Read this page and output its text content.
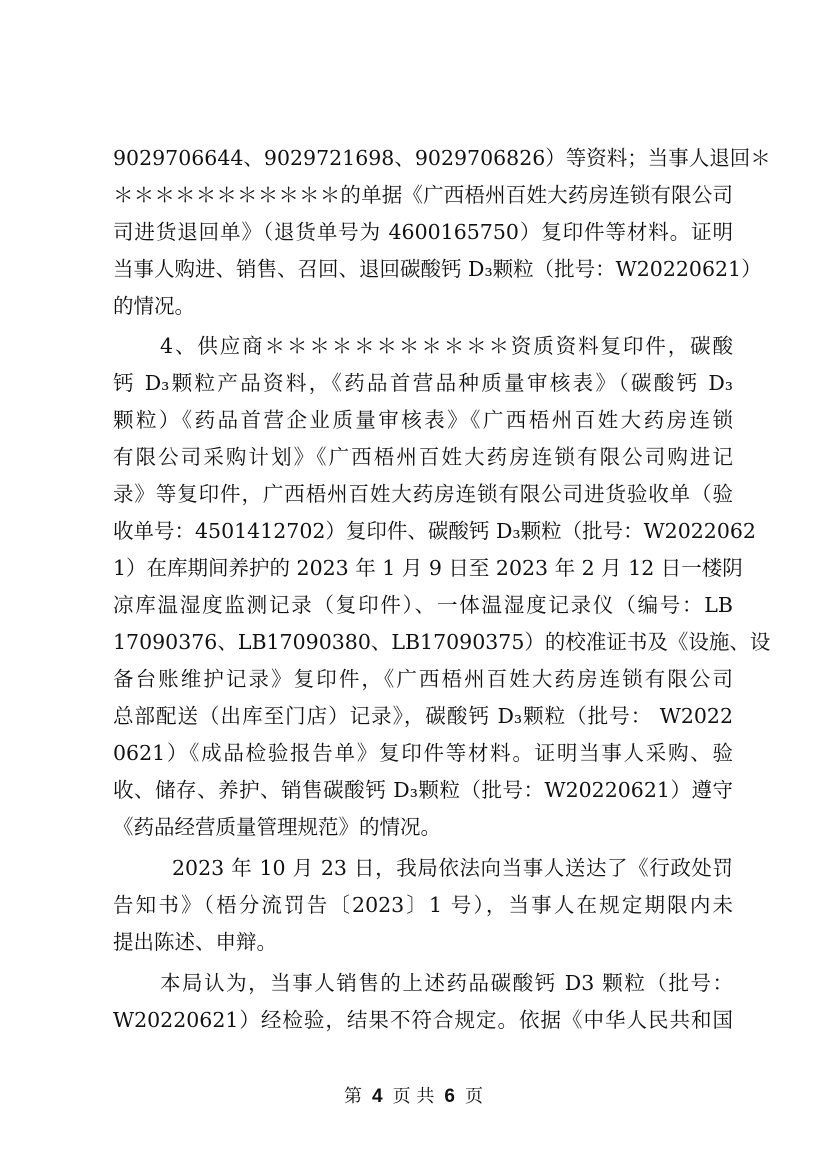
9029706644、9029721698、9029706826）等资料；当事人退回＊
＊＊＊＊＊＊＊＊＊＊＊的单据《广西梧州百姓大药房连锁有限公司
司进货退回单》（退货单号为 4600165750）复印件等材料。证明
当事人购进、销售、召回、退回碳酸钙 D₃颗粒（批号：W20220621）
的情况。
4、供应商＊＊＊＊＊＊＊＊＊＊＊资质资料复印件，碳酸
钙 D₃颗粒产品资料，《药品首营品种质量审核表》（碳酸钙 D₃
颗粒）《药品首营企业质量审核表》《广西梧州百姓大药房连锁
有限公司采购计划》《广西梧州百姓大药房连锁有限公司购进记
录》等复印件，广西梧州百姓大药房连锁有限公司进货验收单（验
收单号：4501412702）复印件、碳酸钙 D₃颗粒（批号：W2022062
1）在库期间养护的 2023 年 1 月 9 日至 2023 年 2 月 12 日一楼阴
凉库温湿度监测记录（复印件）、一体温湿度记录仪（编号：LB
17090376、LB17090380、LB17090375）的校准证书及《设施、设
备台账维护记录》复印件，《广西梧州百姓大药房连锁有限公司
总部配送（出库至门店）记录》，碳酸钙 D₃颗粒（批号： W2022
0621）《成品检验报告单》复印件等材料。证明当事人采购、验
收、储存、养护、销售碳酸钙 D₃颗粒（批号：W20220621）遵守
《药品经营质量管理规范》的情况。
2023 年 10 月 23 日，我局依法向当事人送达了《行政处罚
告知书》（梧分流罚告〔2023〕1 号），当事人在规定期限内未
提出陈述、申辩。
本局认为，当事人销售的上述药品碳酸钙 D3 颗粒（批号：
W20220621）经检验，结果不符合规定。依据《中华人民共和国
第 4 页 共 6 页
